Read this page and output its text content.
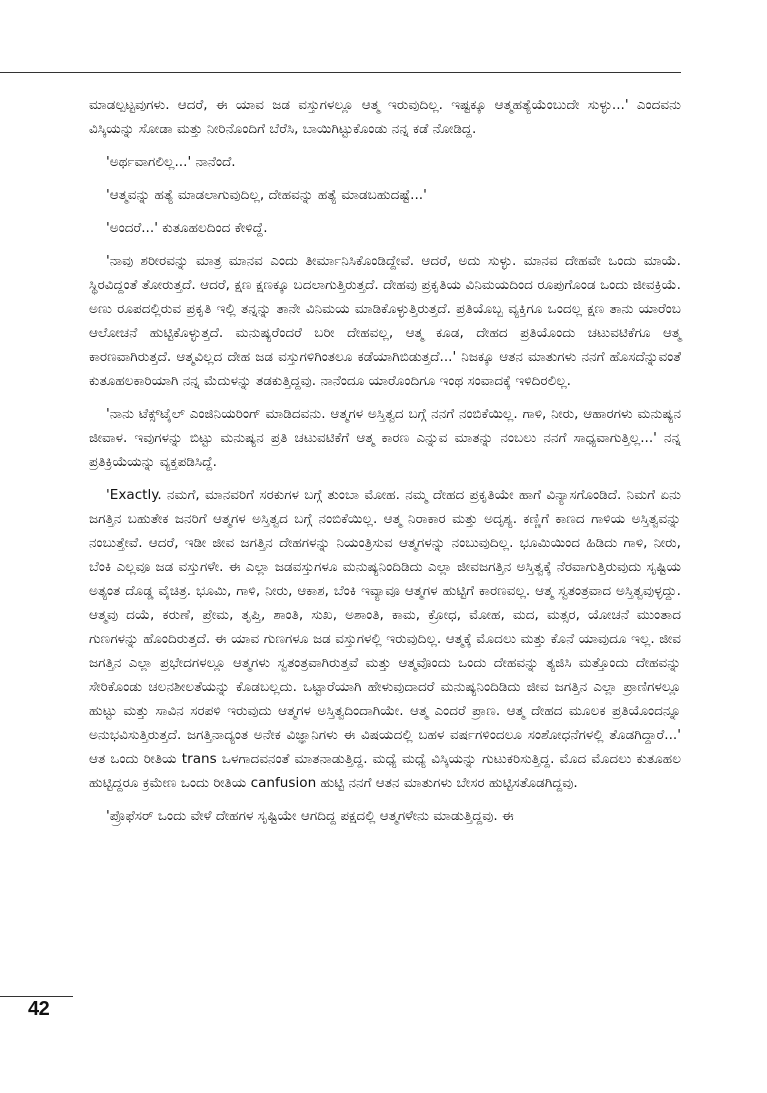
ಮಾಡಲ್ಪಟ್ಟವುಗಳು. ಆದರೆ, ಈ ಯಾವ ಜಡ ವಸ್ತುಗಳಲ್ಲೂ ಆತ್ಮ ಇರುವುದಿಲ್ಲ. ಇಷ್ಟಕ್ಕೂ ಆತ್ಮಹತ್ಯೆಯೆಂಬುದೇ ಸುಳ್ಳು...' ಎಂದವನು ವಿಸ್ಕಿಯನ್ನು ಸೋಡಾ ಮತ್ತು ನೀರಿನೊಂದಿಗೆ ಬೆರೆಸಿ, ಬಾಯಿಗಿಟ್ಟುಕೊಂಡು ನನ್ನ ಕಡೆ ನೋಡಿದ್ದ.

'ಅರ್ಥವಾಗಲಿಲ್ಲ...' ನಾನೆಂದೆ.

'ಆತ್ಮವನ್ನು ಹತ್ಯೆ ಮಾಡಲಾಗುವುದಿಲ್ಲ, ದೇಹವನ್ನು ಹತ್ಯೆ ಮಾಡಬಹುದಷ್ಟೆ...'

'ಅಂದರೆ...' ಕುತೂಹಲದಿಂದ ಕೇಳಿದ್ದೆ.

'ನಾವು ಶರೀರವನ್ನು ಮಾತ್ರ ಮಾನವ ಎಂದು ತೀರ್ಮಾನಿಸಿಕೊಂಡಿದ್ದೇವೆ. ಆದರೆ, ಅದು ಸುಳ್ಳು. ಮಾನವ ದೇಹವೇ ಒಂದು ಮಾಯೆ. ಸ್ಥಿರವಿದ್ದಂತೆ ತೋರುತ್ತದೆ. ಆದರೆ, ಕ್ಷಣ ಕ್ಷಣಕ್ಕೂ ಬದಲಾಗುತ್ತಿರುತ್ತದೆ. ದೇಹವು ಪ್ರಕೃತಿಯ ವಿನಿಮಯದಿಂದ ರೂಪುಗೊಂಡ ಒಂದು ಜೀವಕ್ರಿಯೆ. ಅಣು ರೂಪದಲ್ಲಿರುವ ಪ್ರಕೃತಿ ಇಲ್ಲಿ ತನ್ನನ್ನು ತಾನೇ ವಿನಿಮಯ ಮಾಡಿಕೊಳ್ಳುತ್ತಿರುತ್ತದೆ. ಪ್ರತಿಯೊಬ್ಬ ವ್ಯಕ್ತಿಗೂ ಒಂದಲ್ಲ ಕ್ಷಣ ತಾನು ಯಾರೆಂಬ ಆಲೋಚನೆ ಹುಟ್ಟಿಕೊಳ್ಳುತ್ತದೆ. ಮನುಷ್ಯರೆಂದರೆ ಬರೀ ದೇಹವಲ್ಲ, ಆತ್ಮ ಕೂಡ, ದೇಹದ ಪ್ರತಿಯೊಂದು ಚಟುವಟಿಕೆಗೂ ಆತ್ಮ ಕಾರಣವಾಗಿರುತ್ತದೆ. ಆತ್ಮವಿಲ್ಲದ ದೇಹ ಜಡ ವಸ್ತುಗಳಿಗಿಂತಲೂ ಕಡೆಯಾಗಿಬಿಡುತ್ತದೆ...' ನಿಜಕ್ಕೂ ಆತನ ಮಾತುಗಳು ನನಗೆ ಹೊಸದೆನ್ನುವಂತೆ ಕುತೂಹಲಕಾರಿಯಾಗಿ ನನ್ನ ಮೆದುಳನ್ನು ತಡಕುತ್ತಿದ್ದವು. ನಾನೆಂದೂ ಯಾರೊಂದಿಗೂ ಇಂಥ ಸಂವಾದಕ್ಕೆ ಇಳಿದಿರಲಿಲ್ಲ.

'ನಾನು ಟೆಕ್ಸ್‌ಟೈಲ್ ಎಂಜಿನಿಯರಿಂಗ್ ಮಾಡಿದವನು. ಆತ್ಮಗಳ ಅಸ್ತಿತ್ವದ ಬಗ್ಗೆ ನನಗೆ ನಂಬಿಕೆಯಿಲ್ಲ. ಗಾಳಿ, ನೀರು, ಆಹಾರಗಳು ಮನುಷ್ಯನ ಜೀವಾಳ. ಇವುಗಳನ್ನು ಬಿಟ್ಟು ಮನುಷ್ಯನ ಪ್ರತಿ ಚಟುವಟಿಕೆಗೆ ಆತ್ಮ ಕಾರಣ ಎನ್ನುವ ಮಾತನ್ನು ನಂಬಲು ನನಗೆ ಸಾಧ್ಯವಾಗುತ್ತಿಲ್ಲ...' ನನ್ನ ಪ್ರತಿಕ್ರಿಯೆಯನ್ನು ವ್ಯಕ್ತಪಡಿಸಿದ್ದೆ.

'Exactly. ನಮಗೆ, ಮಾನವರಿಗೆ ಸರಕುಗಳ ಬಗ್ಗೆ ತುಂಬಾ ಮೋಹ. ನಮ್ಮ ದೇಹದ ಪ್ರಕೃತಿಯೇ ಹಾಗೆ ವಿನ್ಯಾಸಗೊಂಡಿದೆ. ನಿಮಗೆ ಏನು ಜಗತ್ತಿನ ಬಹುತೇಕ ಜನರಿಗೆ ಆತ್ಮಗಳ ಅಸ್ತಿತ್ವದ ಬಗ್ಗೆ ನಂಬಿಕೆಯಿಲ್ಲ. ಆತ್ಮ ನಿರಾಕಾರ ಮತ್ತು ಅದೃಶ್ಯ. ಕಣ್ಣಿಗೆ ಕಾಣದ ಗಾಳಿಯ ಅಸ್ತಿತ್ವವನ್ನು ನಂಬುತ್ತೇವೆ. ಆದರೆ, ಇಡೀ ಜೀವ ಜಗತ್ತಿನ ದೇಹಗಳನ್ನು ನಿಯಂತ್ರಿಸುವ ಆತ್ಮಗಳನ್ನು ನಂಬುವುದಿಲ್ಲ. ಭೂಮಿಯಿಂದ ಹಿಡಿದು ಗಾಳಿ, ನೀರು, ಬೆಂಕಿ ಎಲ್ಲವೂ ಜಡ ವಸ್ತುಗಳೇ. ಈ ಎಲ್ಲಾ ಜಡವಸ್ತುಗಳೂ ಮನುಷ್ಯನಿಂದಿಡಿದು ಎಲ್ಲಾ ಜೀವಜಗತ್ತಿನ ಅಸ್ತಿತ್ವಕ್ಕೆ ನೆರವಾಗುತ್ತಿರುವುದು ಸೃಷ್ಟಿಯ ಅತ್ಯಂತ ದೊಡ್ಡ ವೈಚಿತ್ರ. ಭೂಮಿ, ಗಾಳಿ, ನೀರು, ಆಕಾಶ, ಬೆಂಕಿ ಇವ್ಯಾವೂ ಆತ್ಮಗಳ ಹುಟ್ಟಿಗೆ ಕಾರಣವಲ್ಲ. ಆತ್ಮ ಸ್ವತಂತ್ರವಾದ ಅಸ್ತಿತ್ವವುಳ್ಳದ್ದು. ಆತ್ಮವು ದಯೆ, ಕರುಣೆ, ಪ್ರೇಮ, ತೃಪ್ತಿ, ಶಾಂತಿ, ಸುಖ, ಅಶಾಂತಿ, ಕಾಮ, ಕ್ರೋಧ, ಮೋಹ, ಮದ, ಮತ್ಸರ, ಯೋಚನೆ ಮುಂತಾದ ಗುಣಗಳನ್ನು ಹೊಂದಿರುತ್ತದೆ. ಈ ಯಾವ ಗುಣಗಳೂ ಜಡ ವಸ್ತುಗಳಲ್ಲಿ ಇರುವುದಿಲ್ಲ. ಆತ್ಮಕ್ಕೆ ಮೊದಲು ಮತ್ತು ಕೊನೆ ಯಾವುದೂ ಇಲ್ಲ. ಜೀವ ಜಗತ್ತಿನ ಎಲ್ಲಾ ಪ್ರಭೇದಗಳಲ್ಲೂ ಆತ್ಮಗಳು ಸ್ವತಂತ್ರವಾಗಿರುತ್ತವೆ ಮತ್ತು ಆತ್ಮವೊಂದು ಒಂದು ದೇಹವನ್ನು ತ್ಯಜಿಸಿ ಮತ್ತೊಂದು ದೇಹವನ್ನು ಸೇರಿಕೊಂಡು ಚಲನಶೀಲತೆಯನ್ನು ಕೊಡಬಲ್ಲದು. ಒಟ್ಟಾರೆಯಾಗಿ ಹೇಳುವುದಾದರೆ ಮನುಷ್ಯನಿಂದಿಡಿದು ಜೀವ ಜಗತ್ತಿನ ಎಲ್ಲಾ ಪ್ರಾಣಿಗಳಲ್ಲೂ ಹುಟ್ಟು ಮತ್ತು ಸಾವಿನ ಸರಪಳಿ ಇರುವುದು ಆತ್ಮಗಳ ಅಸ್ತಿತ್ವದಿಂದಾಗಿಯೇ. ಆತ್ಮ ಎಂದರೆ ಪ್ರಾಣ. ಆತ್ಮ ದೇಹದ ಮೂಲಕ ಪ್ರತಿಯೊಂದನ್ನೂ ಅನುಭವಿಸುತ್ತಿರುತ್ತದೆ. ಜಗತ್ತಿನಾದ್ಯಂತ ಅನೇಕ ವಿಜ್ಞಾನಿಗಳು ಈ ವಿಷಯದಲ್ಲಿ ಬಹಳ ವರ್ಷಗಳಿಂದಲೂ ಸಂಶೋಧನೆಗಳಲ್ಲಿ ತೊಡಗಿದ್ದಾರೆ...' ಆತ ಒಂದು ರೀತಿಯ trans ಒಳಗಾದವನಂತೆ ಮಾತನಾಡುತ್ತಿದ್ದ. ಮಧ್ಯೆ ಮಧ್ಯೆ ವಿಸ್ಕಿಯನ್ನು ಗುಟುಕರಿಸುತ್ತಿದ್ದ. ಮೊದ ಮೊದಲು ಕುತೂಹಲ ಹುಟ್ಟಿದ್ದರೂ ಕ್ರಮೇಣ ಒಂದು ರೀತಿಯ canfusion ಹುಟ್ಟಿ ನನಗೆ ಆತನ ಮಾತುಗಳು ಬೇಸರ ಹುಟ್ಟಿಸತೊಡಗಿದ್ದವು.

'ಪ್ರೊಫೆಸರ್ ಒಂದು ವೇಳೆ ದೇಹಗಳ ಸೃಷ್ಟಿಯೇ ಆಗದಿದ್ದ ಪಕ್ಷದಲ್ಲಿ ಆತ್ಮಗಳೇನು ಮಾಡುತ್ತಿದ್ದವು. ಈ

42
